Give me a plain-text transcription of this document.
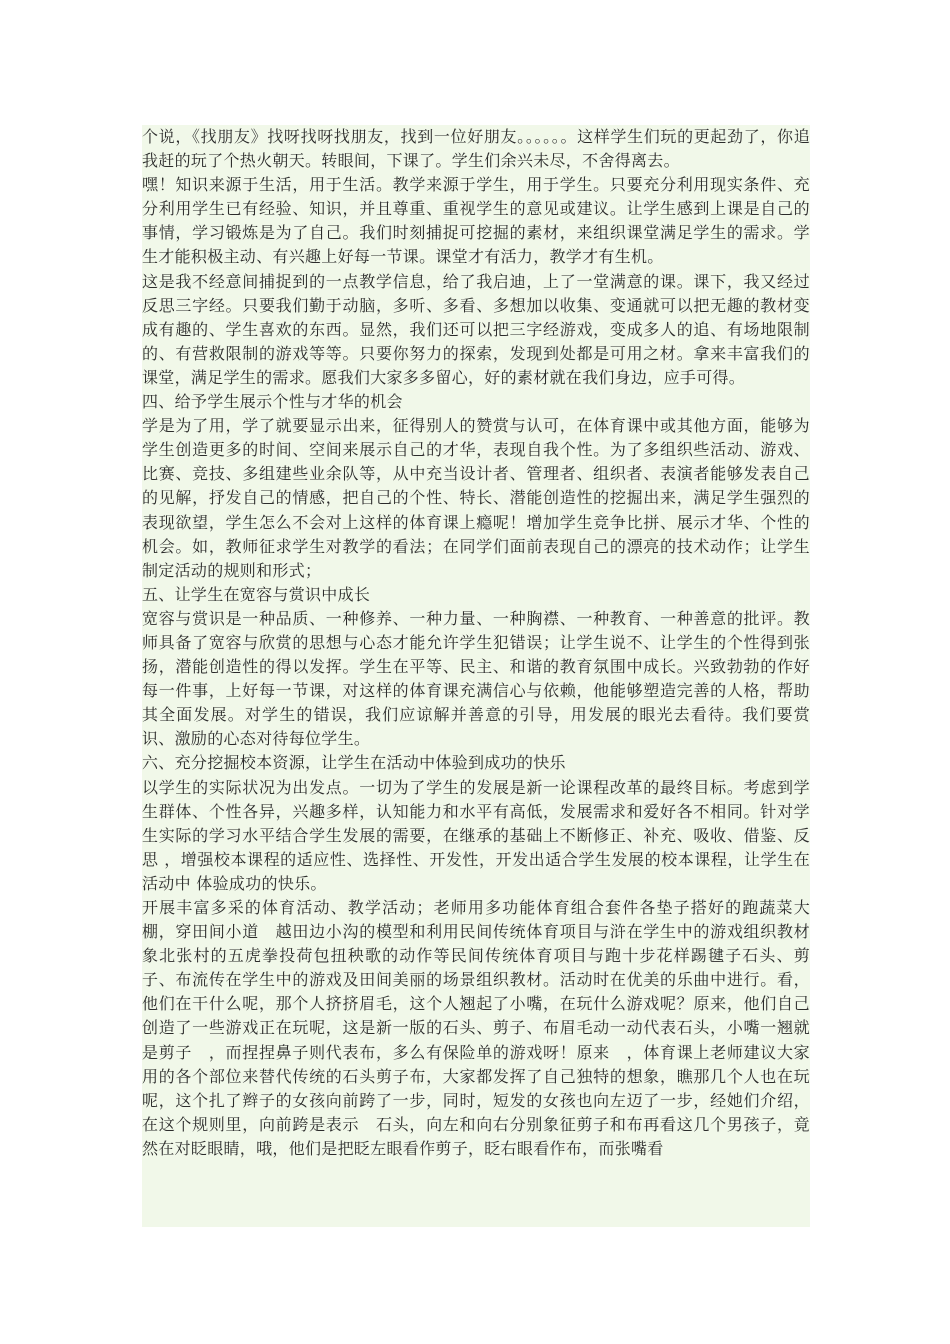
个说，《找朋友》找呀找呀找朋友，找到一位好朋友。。。。。。这样学生们玩的更起劲了，你追我赶的玩了个热火朝天。转眼间，下课了。学生们余兴未尽，不舍得离去。

嘿！知识来源于生活，用于生活。教学来源于学生，用于学生。只要充分利用现实条件、充分利用学生已有经验、知识，并且尊重、重视学生的意见或建议。让学生感到上课是自己的事情，学习锻炼是为了自己。我们时刻捕捉可挖掘的素材，来组织课堂满足学生的需求。学生才能积极主动、有兴趣上好每一节课。课堂才有活力，教学才有生机。

这是我不经意间捕捉到的一点教学信息，给了我启迪，上了一堂满意的课。课下，我又经过反思三字经。只要我们勤于动脑，多听、多看、多想加以收集、变通就可以把无趣的教材变成有趣的、学生喜欢的东西。显然，我们还可以把三字经游戏，变成多人的追、有场地限制的、有营救限制的游戏等等。只要你努力的探索，发现到处都是可用之材。拿来丰富我们的课堂，满足学生的需求。愿我们大家多多留心，好的素材就在我们身边，应手可得。

四、给予学生展示个性与才华的机会

学是为了用，学了就要显示出来，征得别人的赞赏与认可，在体育课中或其他方面，能够为学生创造更多的时间、空间来展示自己的才华，表现自我个性。为了多组织些活动、游戏、比赛、竞技、多组建些业余队等，从中充当设计者、管理者、组织者、表演者能够发表自己的见解，抒发自己的情感，把自己的个性、特长、潜能创造性的挖掘出来，满足学生强烈的表现欲望，学生怎么不会对上这样的体育课上瘾呢！增加学生竞争比拼、展示才华、个性的机会。如，教师征求学生对教学的看法；在同学们面前表现自己的漂亮的技术动作；让学生制定活动的规则和形式；

五、让学生在宽容与赏识中成长

宽容与赏识是一种品质、一种修养、一种力量、一种胸襟、一种教育、一种善意的批评。教师具备了宽容与欣赏的思想与心态才能允许学生犯错误；让学生说不、让学生的个性得到张扬，潜能创造性的得以发挥。学生在平等、民主、和谐的教育氛围中成长。兴致勃勃的作好每一件事，上好每一节课，对这样的体育课充满信心与依赖，他能够塑造完善的人格，帮助其全面发展。对学生的错误，我们应谅解并善意的引导，用发展的眼光去看待。我们要赏识、激励的心态对待每位学生。

六、充分挖掘校本资源，让学生在活动中体验到成功的快乐

以学生的实际状况为出发点。一切为了学生的发展是新一论课程改革的最终目标。考虑到学生群体、个性各异，兴趣多样，认知能力和水平有高低，发展需求和爱好各不相同。针对学生实际的学习水平结合学生发展的需要，在继承的基础上不断修正、补充、吸收、借鉴、反思 ，增强校本课程的适应性、选择性、开发性，开发出适合学生发展的校本课程，让学生在活动中 体验成功的快乐。

开展丰富多采的体育活动、教学活动；老师用多功能体育组合套件各垫子搭好的跑蔬菜大棚，穿田间小道　越田边小沟的模型和利用民间传统体育项目与浒在学生中的游戏组织教材象北张村的五虎拳投荷包扭秧歌的动作等民间传统体育项目与跑十步花样踢毽子石头、剪子、布流传在学生中的游戏及田间美丽的场景组织教材。活动时在优美的乐曲中进行。看，他们在干什么呢，那个人挤挤眉毛，这个人翘起了小嘴，在玩什么游戏呢？原来，他们自己创造了一些游戏正在玩呢，这是新一版的石头、剪子、布眉毛动一动代表石头，小嘴一翘就是剪子　，而捏捏鼻子则代表布，多么有保险单的游戏呀！原来　，体育课上老师建议大家用的各个部位来替代传统的石头剪子布，大家都发挥了自己独特的想象，瞧那几个人也在玩呢，这个扎了辫子的女孩向前跨了一步，同时，短发的女孩也向左迈了一步，经她们介绍，在这个规则里，向前跨是表示　石头，向左和向右分别象征剪子和布再看这几个男孩子，竟然在对眨眼睛，哦，他们是把眨左眼看作剪子，眨右眼看作布，而张嘴看
